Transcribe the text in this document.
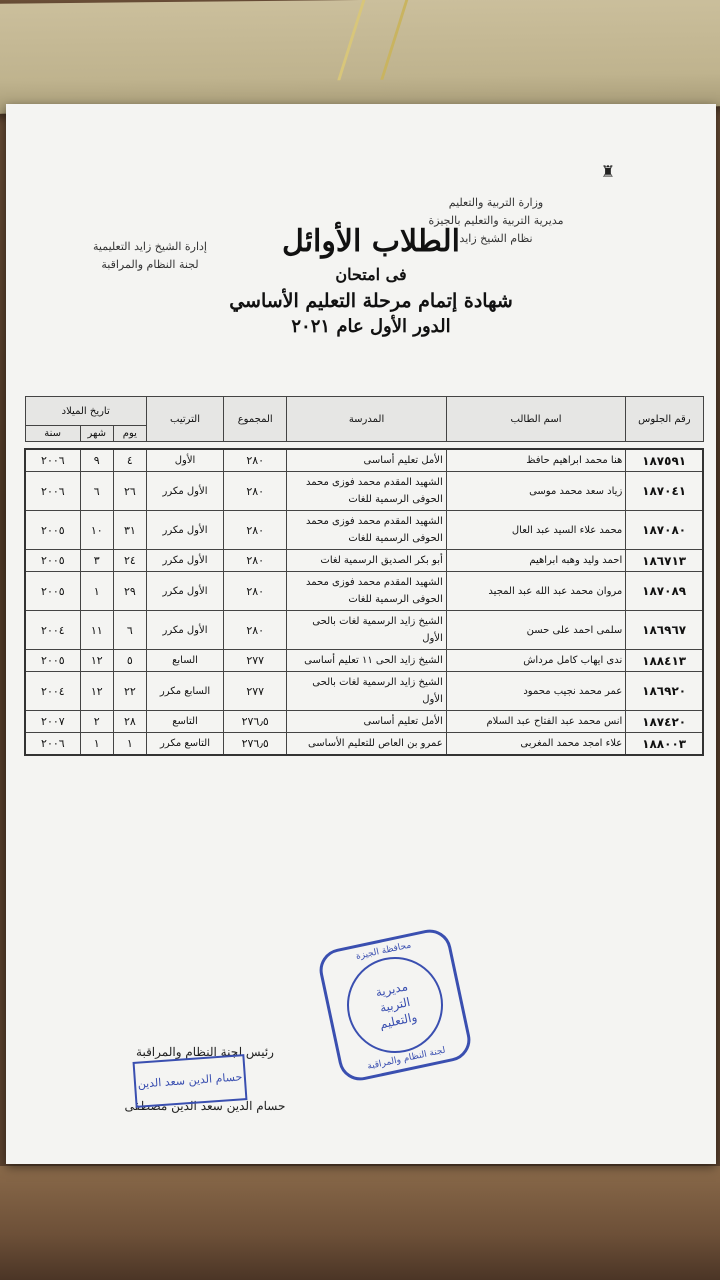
♜
وزارة التربية والتعليم
مديرية التربية والتعليم بالجيزة
نظام الشيخ زايد
إدارة الشيخ زايد التعليمية
لجنة النظام والمراقبة
الطلاب الأوائل
فى امتحان
شهادة إتمام مرحلة التعليم الأساسي
الدور الأول عام ٢٠٢١
رقم الجلوس	اسم الطالب	المدرسة	المجموع	الترتيب	تاريخ الميلاد		
					يوم	شهر	سنة

١٨٧٥٩١	هنا محمد ابراهيم حافظ	الأمل تعليم أساسى	٢٨٠	الأول	٤	٩	٢٠٠٦
١٨٧٠٤١	زياد سعد محمد موسى	الشهيد المقدم محمد فوزى محمد الحوفى الرسمية للغات	٢٨٠	الأول مكرر	٢٦	٦	٢٠٠٦
١٨٧٠٨٠	محمد علاء السيد عبد العال	الشهيد المقدم محمد فوزى محمد الحوفى الرسمية للغات	٢٨٠	الأول مكرر	٣١	١٠	٢٠٠٥
١٨٦٧١٣	احمد وليد وهبه ابراهيم	أبو بكر الصديق الرسمية لغات	٢٨٠	الأول مكرر	٢٤	٣	٢٠٠٥
١٨٧٠٨٩	مروان محمد عبد الله عبد المجيد	الشهيد المقدم محمد فوزى محمد الحوفى الرسمية للغات	٢٨٠	الأول مكرر	٢٩	١	٢٠٠٥
١٨٦٩٦٧	سلمى احمد على حسن	الشيخ زايد الرسمية لغات بالحى الأول	٢٨٠	الأول مكرر	٦	١١	٢٠٠٤
١٨٨٤١٣	ندى ايهاب كامل مرداش	الشيخ زايد الحى ١١ تعليم أساسى	٢٧٧	السابع	٥	١٢	٢٠٠٥
١٨٦٩٢٠	عمر محمد نجيب محمود	الشيخ زايد الرسمية لغات بالحى الأول	٢٧٧	السابع مكرر	٢٢	١٢	٢٠٠٤
١٨٧٤٢٠	انس محمد عبد الفتاح عبد السلام	الأمل تعليم أساسى	٢٧٦٫٥	التاسع	٢٨	٢	٢٠٠٧
١٨٨٠٠٣	علاء امجد محمد المغربى	عمرو بن العاص للتعليم الأساسى	٢٧٦٫٥	التاسع مكرر	١	١	٢٠٠٦
محافظة الجيزة
مديرية
التربية
والتعليم
لجنة النظام والمراقبة
رئيس لجنة النظام والمراقبة
حسام الدين سعد الدين مصطفى
حسام الدين سعد الدين
